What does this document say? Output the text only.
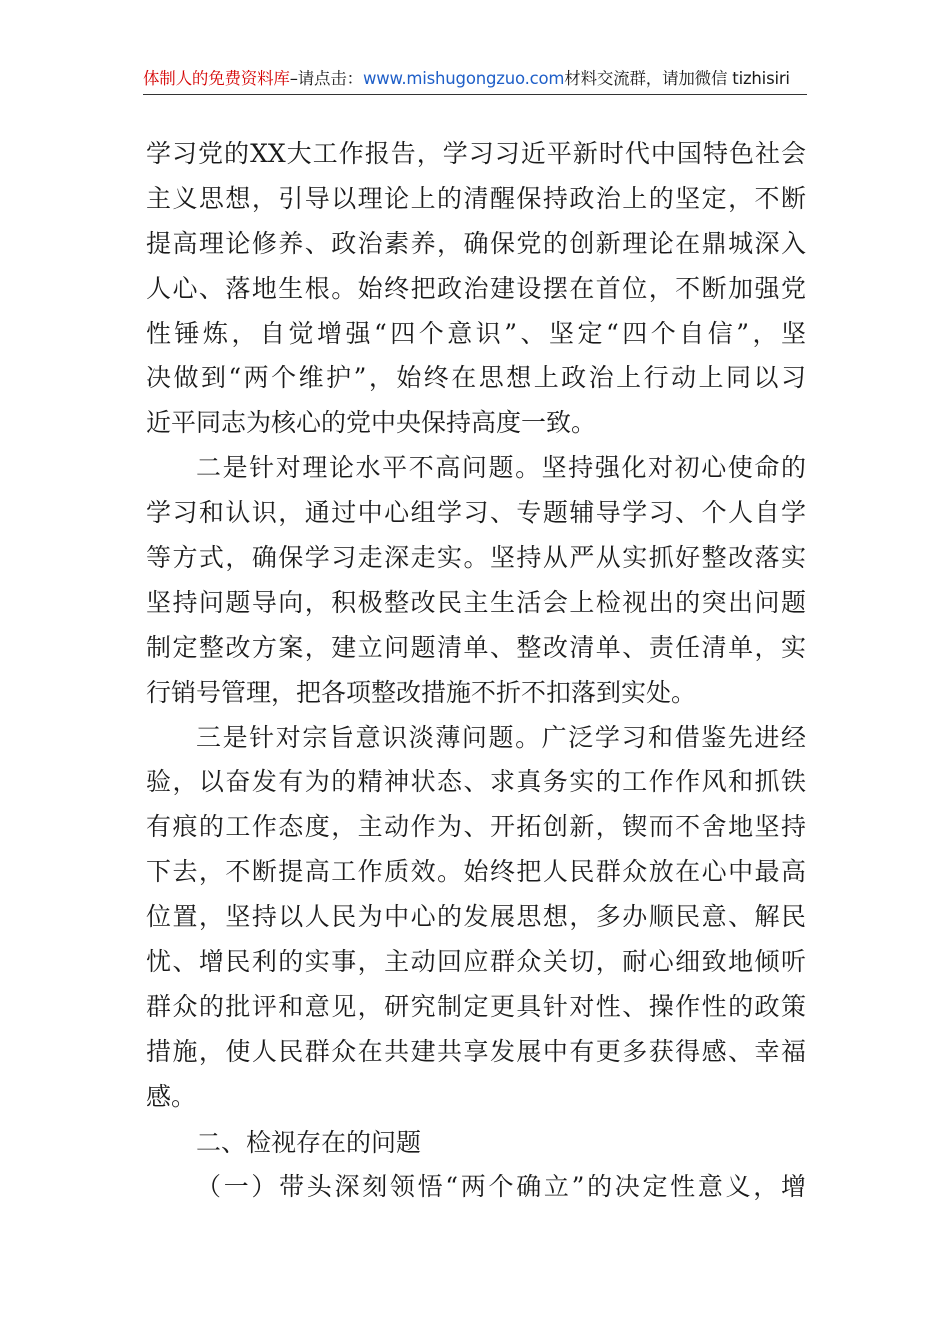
体制人的免费资料库–请点击：www.mishugongzuo.com材料交流群，请加微信 tizhisiri
学习党的XX大工作报告，学习习近平新时代中国特色社会
主义思想，引导以理论上的清醒保持政治上的坚定，不断
提高理论修养、政治素养，确保党的创新理论在鼎城深入
人心、落地生根。始终把政治建设摆在首位，不断加强党
性锤炼，自觉增强“四个意识”、坚定“四个自信”，坚
决做到“两个维护”，始终在思想上政治上行动上同以习
近平同志为核心的党中央保持高度一致。
二是针对理论水平不高问题。坚持强化对初心使命的
学习和认识，通过中心组学习、专题辅导学习、个人自学
等方式，确保学习走深走实。坚持从严从实抓好整改落实
坚持问题导向，积极整改民主生活会上检视出的突出问题
制定整改方案，建立问题清单、整改清单、责任清单，实
行销号管理，把各项整改措施不折不扣落到实处。
三是针对宗旨意识淡薄问题。广泛学习和借鉴先进经
验，以奋发有为的精神状态、求真务实的工作作风和抓铁
有痕的工作态度，主动作为、开拓创新，锲而不舍地坚持
下去，不断提高工作质效。始终把人民群众放在心中最高
位置，坚持以人民为中心的发展思想，多办顺民意、解民
忧、增民利的实事，主动回应群众关切，耐心细致地倾听
群众的批评和意见，研究制定更具针对性、操作性的政策
措施，使人民群众在共建共享发展中有更多获得感、幸福
感。
二、检视存在的问题
（一）带头深刻领悟“两个确立”的决定性意义，增
